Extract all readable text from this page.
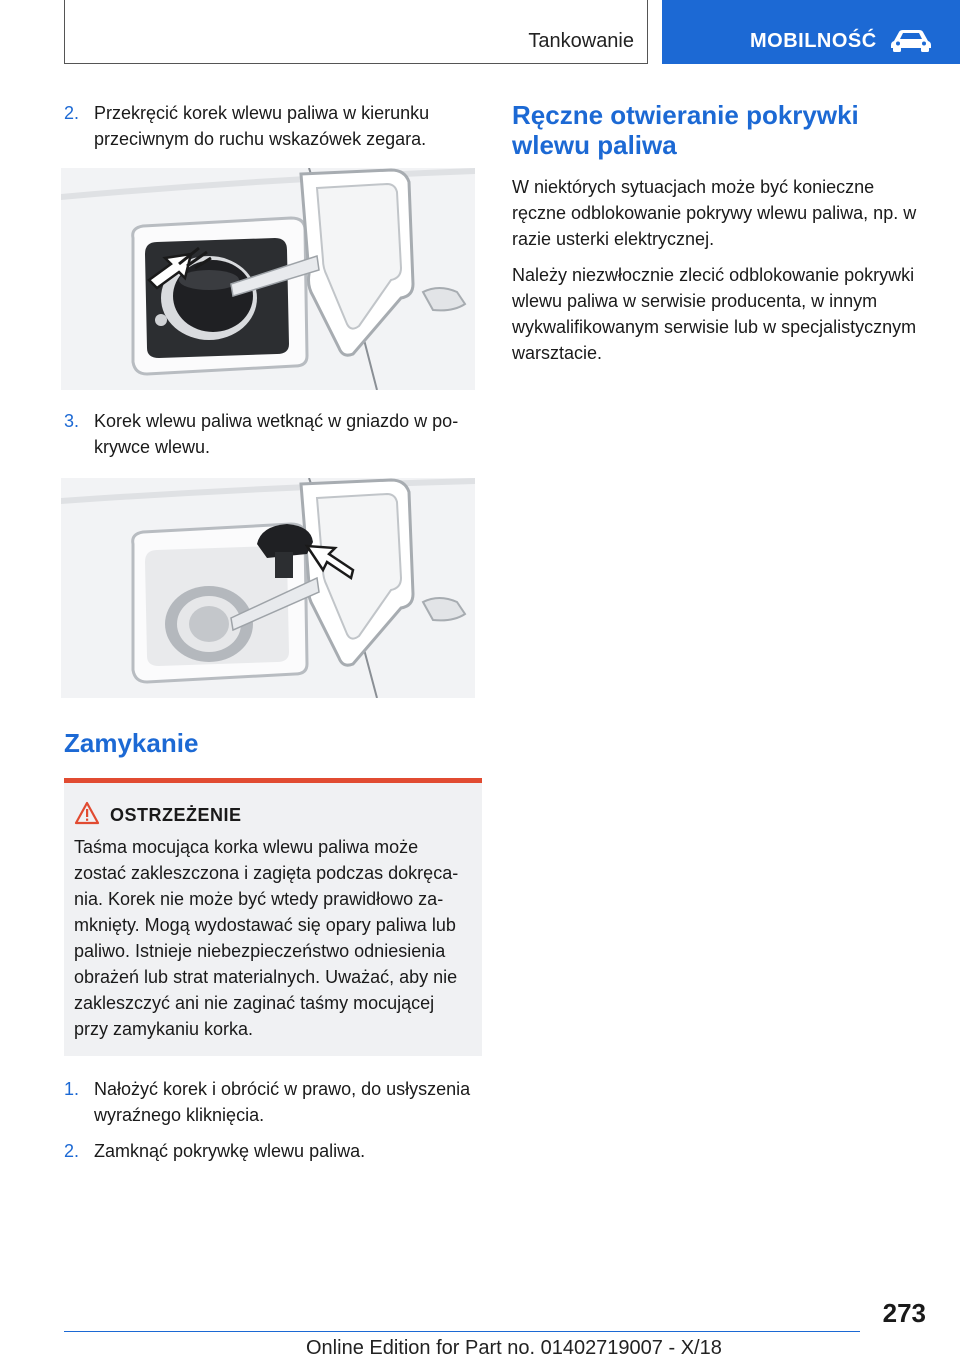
Tankowanie	MOBILNOŚĆ
2. Przekręcić korek wlewu paliwa w kierunku przeciwnym do ruchu wskazówek zegara.
3. Korek wlewu paliwa wetknąć w gniazdo w pokrywce wlewu.
Zamykanie
OSTRZEŻENIE
Taśma mocująca korka wlewu paliwa może zostać zakleszczona i zagięta podczas dokręcania. Korek nie może być wtedy prawidłowo zamknięty. Mogą wydostawać się opary paliwa lub paliwo. Istnieje niebezpieczeństwo odniesienia obrażeń lub strat materialnych. Uważać, aby nie zakleszczyć ani nie zaginać taśmy mocującej przy zamykaniu korka.
1. Nałożyć korek i obrócić w prawo, do usłyszenia wyraźnego kliknięcia.
2. Zamknąć pokrywkę wlewu paliwa.
Ręczne otwieranie pokrywki wlewu paliwa

W niektórych sytuacjach może być konieczne ręczne odblokowanie pokrywy wlewu paliwa, np. w razie usterki elektrycznej.

Należy niezwłocznie zlecić odblokowanie pokrywki wlewu paliwa w serwisie producenta, w innym wykwalifikowanym serwisie lub w specjalistycznym warsztacie.

273
Online Edition for Part no. 01402719007 - X/18
